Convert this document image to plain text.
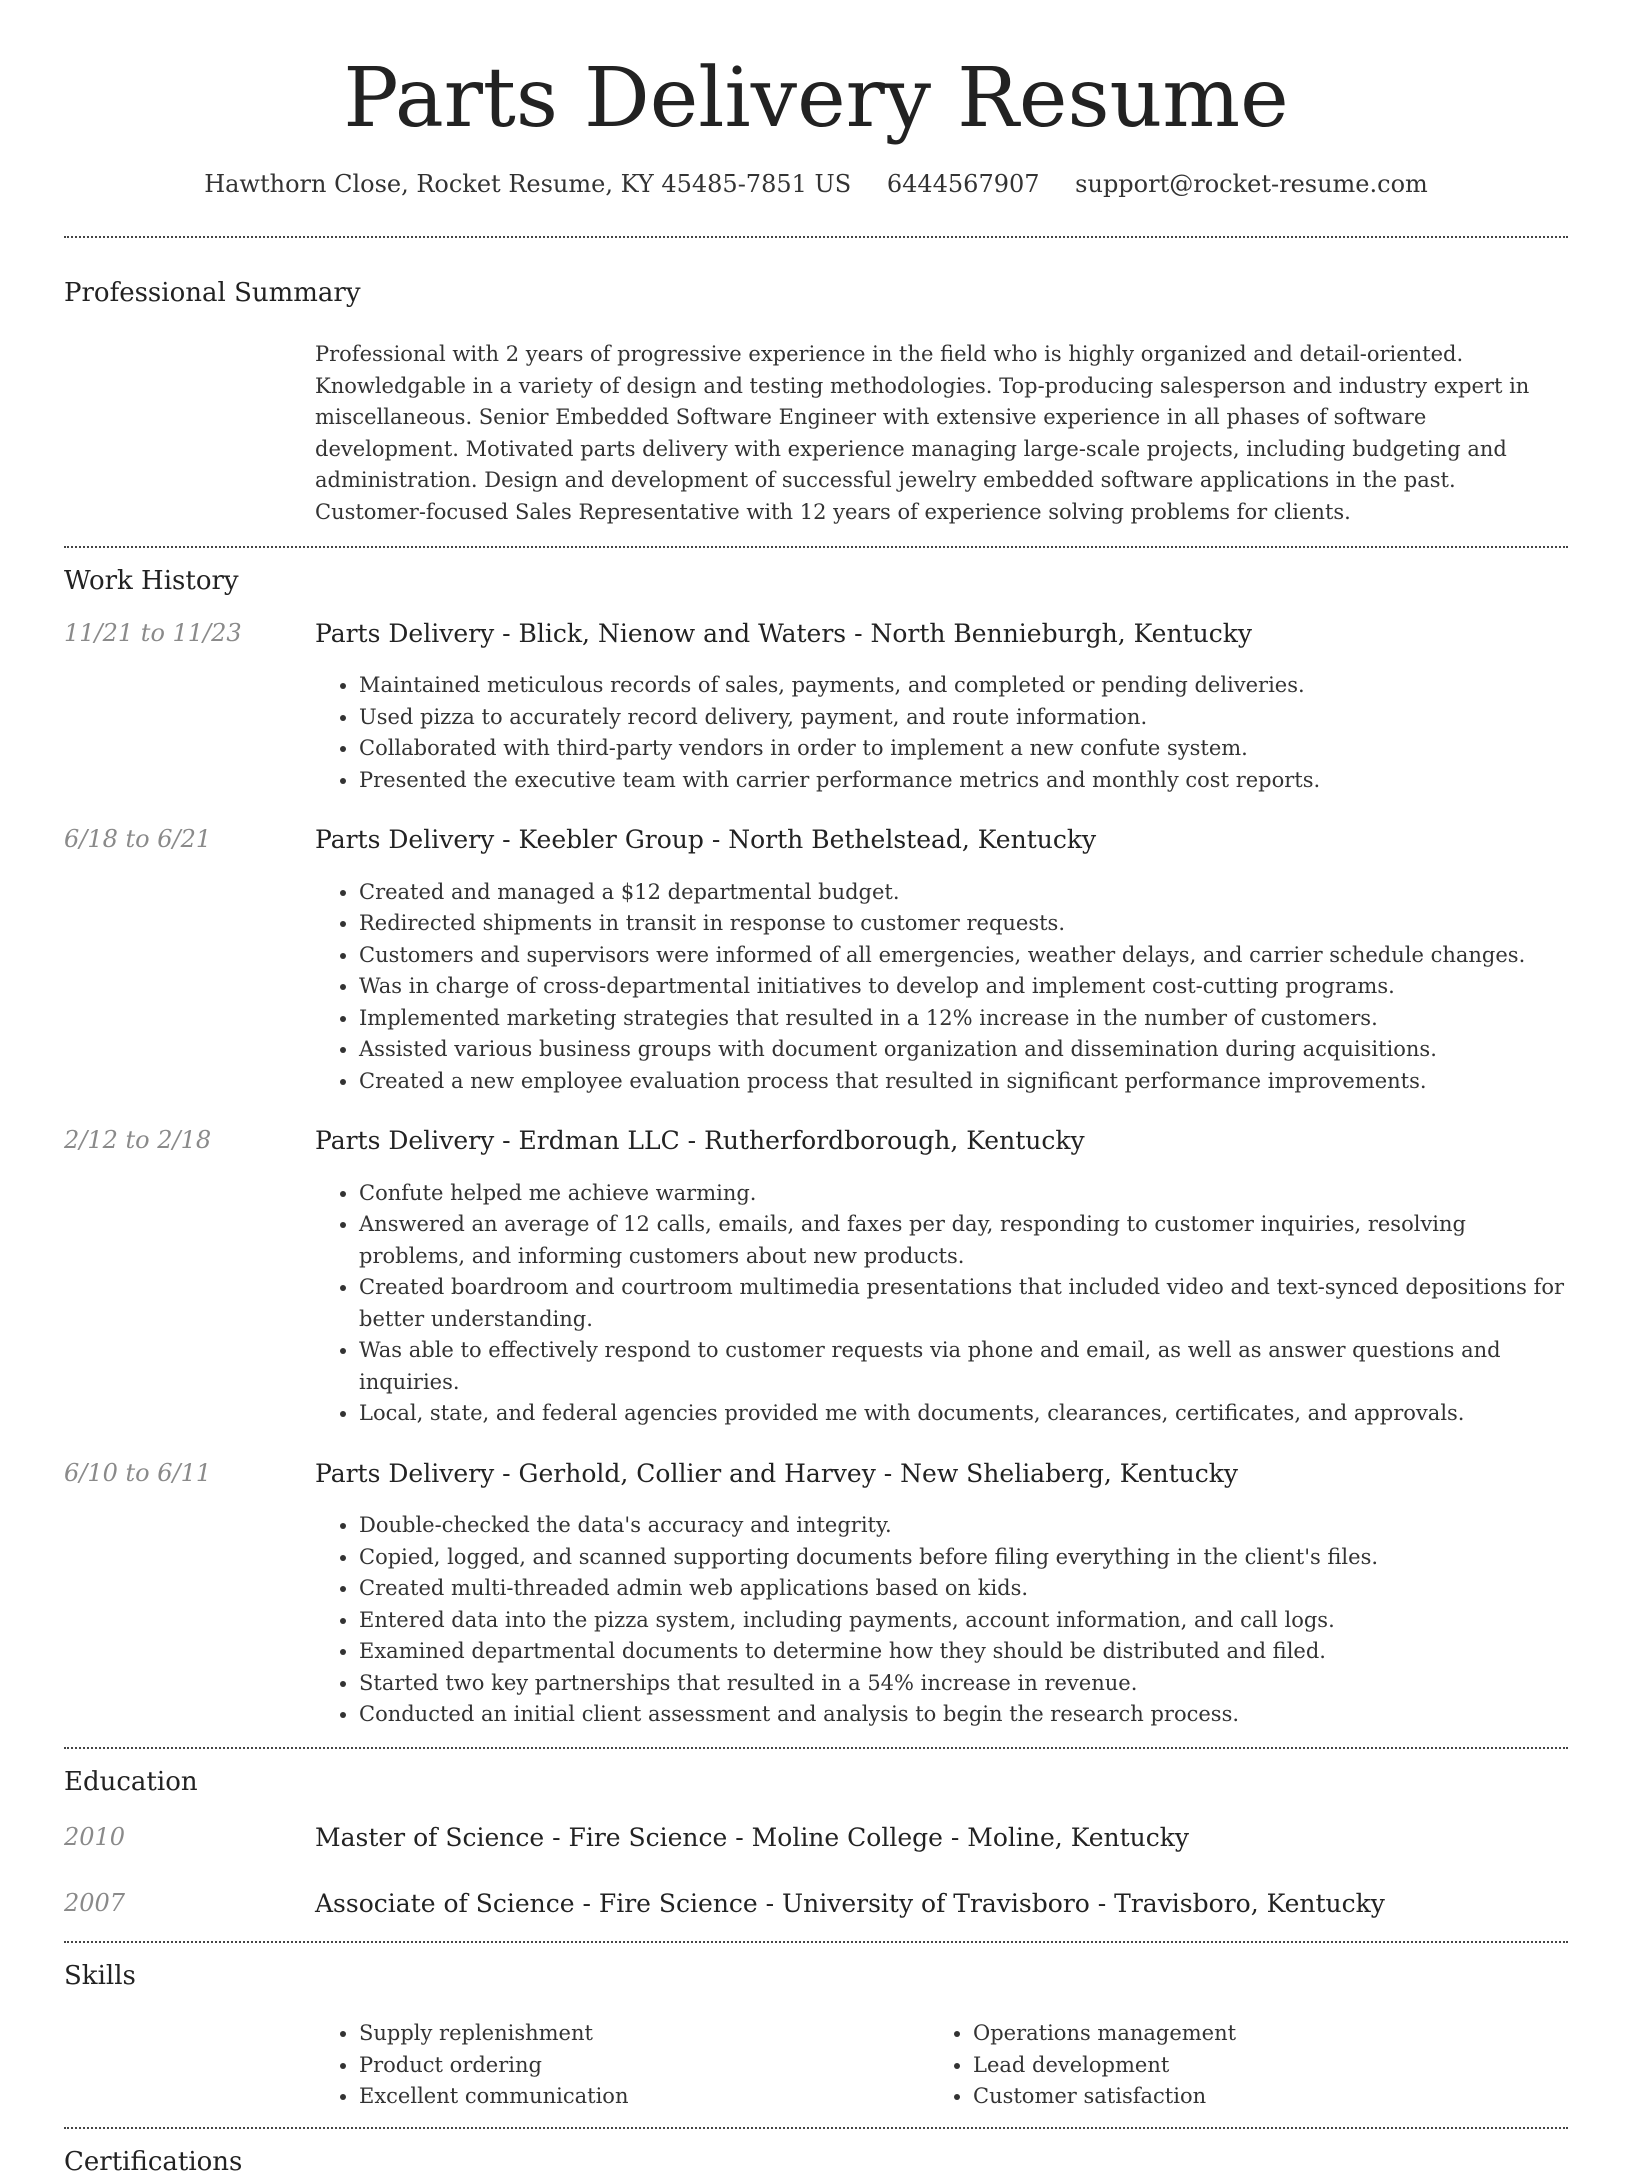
Parts Delivery Resume
Hawthorn Close, Rocket Resume, KY 45485-7851 US 6444567907 support@rocket-resume.com
Professional Summary

Professional with 2 years of progressive experience in the field who is highly organized and detail-oriented. Knowledgable in a variety of design and testing methodologies. Top-producing salesperson and industry expert in miscellaneous. Senior Embedded Software Engineer with extensive experience in all phases of software development. Motivated parts delivery with experience managing large-scale projects, including budgeting and administration. Design and development of successful jewelry embedded software applications in the past. Customer-focused Sales Representative with 12 years of experience solving problems for clients.

Work History
11/21 to 11/23	Parts Delivery - Blick, Nienow and Waters - North Bennieburgh, Kentucky
• Maintained meticulous records of sales, payments, and completed or pending deliveries.
• Used pizza to accurately record delivery, payment, and route information.
• Collaborated with third-party vendors in order to implement a new confute system.
• Presented the executive team with carrier performance metrics and monthly cost reports.
6/18 to 6/21	Parts Delivery - Keebler Group - North Bethelstead, Kentucky
• Created and managed a $12 departmental budget.
• Redirected shipments in transit in response to customer requests.
• Customers and supervisors were informed of all emergencies, weather delays, and carrier schedule changes.
• Was in charge of cross-departmental initiatives to develop and implement cost-cutting programs.
• Implemented marketing strategies that resulted in a 12% increase in the number of customers.
• Assisted various business groups with document organization and dissemination during acquisitions.
• Created a new employee evaluation process that resulted in significant performance improvements.
2/12 to 2/18	Parts Delivery - Erdman LLC - Rutherfordborough, Kentucky
• Confute helped me achieve warming.
• Answered an average of 12 calls, emails, and faxes per day, responding to customer inquiries, resolving problems, and informing customers about new products.
• Created boardroom and courtroom multimedia presentations that included video and text-synced depositions for better understanding.
• Was able to effectively respond to customer requests via phone and email, as well as answer questions and inquiries.
• Local, state, and federal agencies provided me with documents, clearances, certificates, and approvals.
6/10 to 6/11	Parts Delivery - Gerhold, Collier and Harvey - New Sheliaberg, Kentucky
• Double-checked the data's accuracy and integrity.
• Copied, logged, and scanned supporting documents before filing everything in the client's files.
• Created multi-threaded admin web applications based on kids.
• Entered data into the pizza system, including payments, account information, and call logs.
• Examined departmental documents to determine how they should be distributed and filed.
• Started two key partnerships that resulted in a 54% increase in revenue.
• Conducted an initial client assessment and analysis to begin the research process.
Education
2010	Master of Science - Fire Science - Moline College - Moline, Kentucky
2007	Associate of Science - Fire Science - University of Travisboro - Travisboro, Kentucky
Skills
• Supply replenishment
• Product ordering
• Excellent communication
• Operations management
• Lead development
• Customer satisfaction
Certifications
